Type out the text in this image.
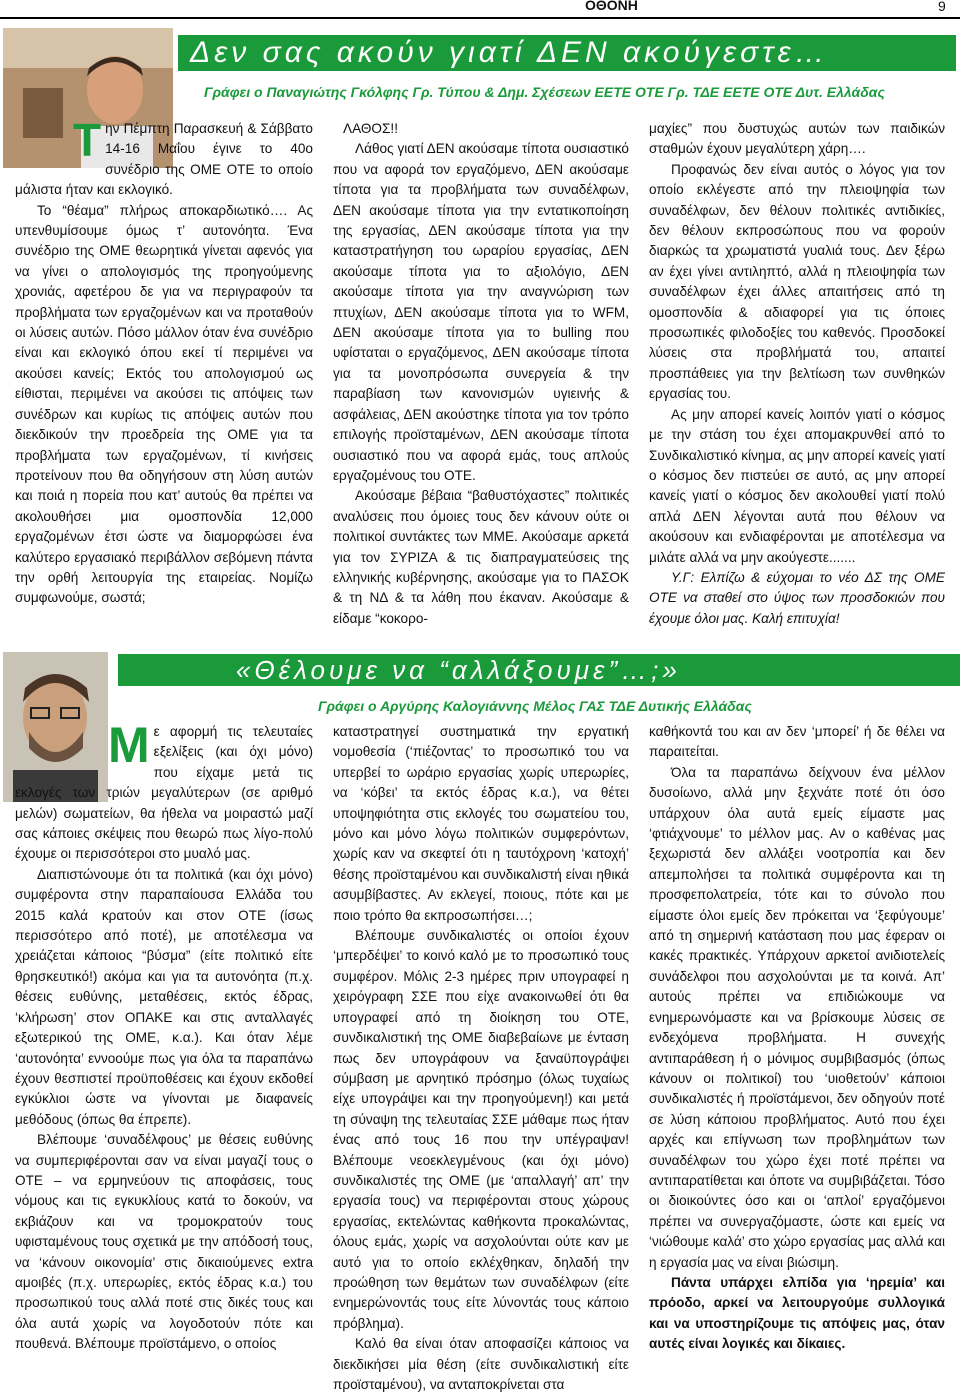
ΟΘΟΝΗ	9
Δεν σας ακούν γιατί ΔΕΝ ακούγεστε…
Γράφει ο Παναγιώτης Γκόλφης Γρ. Τύπου & Δημ. Σχέσεων ΕΕΤΕ ΟΤΕ Γρ. ΤΔΕ ΕΕΤΕ ΟΤΕ Δυτ. Ελλάδας

Την Πέμπτη Παρασκευή & Σάββατο 14-16 Μαΐου έγινε το 40ο συνέδριο της ΟΜΕ ΟΤΕ το οποίο μάλιστα ήταν και εκλογικό.

Το “θέαμα” πλήρως αποκαρδιωτικό…. Ας υπενθυμίσουμε όμως τ’ αυτονόητα. Ένα συνέδριο της ΟΜΕ θεωρητικά γίνεται αφενός για να γίνει ο απολογισμός της προηγούμενης χρονιάς, αφετέρου δε για να περιγραφούν τα προβλήματα των εργαζομένων και να προταθούν οι λύσεις αυτών. Πόσο μάλλον όταν ένα συνέδριο είναι και εκλογικό όπου εκεί τί περιμένει να ακούσει κανείς; Εκτός του απολογισμού ως είθισται, περιμένει να ακούσει τις απόψεις των συνέδρων και κυρίως τις απόψεις αυτών που διεκδικούν την προεδρεία της ΟΜΕ για τα προβλήματα των εργαζομένων, τί κινήσεις προτείνουν που θα οδηγήσουν στη λύση αυτών και ποιά η πορεία που κατ’ αυτούς θα πρέπει να ακολουθήσει μια ομοσπονδία 12,000 εργαζομένων έτσι ώστε να διαμορφώσει ένα καλύτερο εργασιακό περιβάλλον σεβόμενη πάντα την ορθή λειτουργία της εταιρείας. Νομίζω συμφωνούμε, σωστά;

ΛΑΘΟΣ!!

Λάθος γιατί ΔΕΝ ακούσαμε τίποτα ουσιαστικό που να αφορά τον εργαζόμενο, ΔΕΝ ακούσαμε τίποτα για τα προβλήματα των συναδέλφων, ΔΕΝ ακούσαμε τίποτα για την εντατικοποίηση της εργασίας, ΔΕΝ ακούσαμε τίποτα για την καταστρατήγηση του ωραρίου εργασίας, ΔΕΝ ακούσαμε τίποτα για το αξιολόγιο, ΔΕΝ ακούσαμε τίποτα για την αναγνώριση των πτυχίων, ΔΕΝ ακούσαμε τίποτα για το WFM, ΔΕΝ ακούσαμε τίποτα για το bulling που υφίσταται ο εργαζόμενος, ΔΕΝ ακούσαμε τίποτα για τα μονοπρόσωπα συνεργεία & την παραβίαση των κανονισμών υγιεινής & ασφάλειας, ΔΕΝ ακούστηκε τίποτα για τον τρόπο επιλογής προϊσταμένων, ΔΕΝ ακούσαμε τίποτα ουσιαστικό που να αφορά εμάς, τους απλούς εργαζομένους του ΟΤΕ.

Ακούσαμε βέβαια “βαθυστόχαστες” πολιτικές αναλύσεις που όμοιες τους δεν κάνουν ούτε οι πολιτικοί συντάκτες των ΜΜΕ. Ακούσαμε αρκετά για τον ΣΥΡΙΖΑ & τις διαπραγματεύσεις της ελληνικής κυβέρνησης, ακούσαμε για το ΠΑΣΟΚ & τη ΝΔ & τα λάθη που έκαναν. Ακούσαμε & είδαμε “κοκορο-

μαχίες” που δυστυχώς αυτών των παιδικών σταθμών έχουν μεγαλύτερη χάρη….

Προφανώς δεν είναι αυτός ο λόγος για τον οποίο εκλέγεστε από την πλειοψηφία των συναδέλφων, δεν θέλουν πολιτικές αντιδικίες, δεν θέλουν εκπροσώπους που να φορούν διαρκώς τα χρωματιστά γυαλιά τους. Δεν ξέρω αν έχει γίνει αντιληπτό, αλλά η πλειοψηφία των συναδέλφων έχει άλλες απαιτήσεις από τη ομοσπονδία & αδιαφορεί για τις όποιες προσωπικές φιλοδοξίες του καθενός. Προσδοκεί λύσεις στα προβλήματά του, απαιτεί προσπάθειες για την βελτίωση των συνθηκών εργασίας του.

Ας μην απορεί κανείς λοιπόν γιατί ο κόσμος με την στάση του έχει απομακρυνθεί από το Συνδικαλιστικό κίνημα, ας μην απορεί κανείς γιατί ο κόσμος δεν πιστεύει σε αυτό, ας μην απορεί κανείς γιατί ο κόσμος δεν ακολουθεί γιατί πολύ απλά ΔΕΝ λέγονται αυτά που θέλουν να ακούσουν και ενδιαφέρονται με αποτέλεσμα να μιλάτε αλλά να μην ακούγεστε.......

Υ.Γ: Ελπίζω & εύχομαι το νέο ΔΣ της ΟΜΕ ΟΤΕ να σταθεί στο ύψος των προσδοκιών που έχουμε όλοι μας. Καλή επιτυχία!

«Θέλουμε να “αλλάξουμε”…;»
Γράφει ο Αργύρης Καλογιάννης Μέλος ΓΑΣ ΤΔΕ Δυτικής Ελλάδας

Με αφορμή τις τελευταίες εξελίξεις (και όχι μόνο) που είχαμε μετά τις εκλογές των τριών μεγαλύτερων (σε αριθμό μελών) σωματείων, θα ήθελα να μοιραστώ μαζί σας κάποιες σκέψεις που θεωρώ πως λίγο-πολύ έχουμε οι περισσότεροι στο μυαλό μας.

Διαπιστώνουμε ότι τα πολιτικά (και όχι μόνο) συμφέροντα στην παραπαίουσα Ελλάδα του 2015 καλά κρατούν και στον ΟΤΕ (ίσως περισσότερο από ποτέ), με αποτέλεσμα να χρειάζεται κάποιος “βύσμα” (είτε πολιτικό είτε θρησκευτικό!) ακόμα και για τα αυτονόητα (π.χ. θέσεις ευθύνης, μεταθέσεις, εκτός έδρας, ‘κλήρωση’ στον ΟΠΑΚΕ και στις ανταλλαγές εξωτερικού της ΟΜΕ, κ.α.). Και όταν λέμε ‘αυτονόητα’ εννοούμε πως για όλα τα παραπάνω έχουν θεσπιστεί προϋποθέσεις και έχουν εκδοθεί εγκύκλιοι ώστε να γίνονται με διαφανείς μεθόδους (όπως θα έπρεπε).

Βλέπουμε ‘συναδέλφους’ με θέσεις ευθύνης να συμπεριφέρονται σαν να είναι μαγαζί τους ο ΟΤΕ – να ερμηνεύουν τις αποφάσεις, τους νόμους και τις εγκυκλίους κατά το δοκούν, να εκβιάζουν και να τρομοκρατούν τους υφισταμένους τους σχετικά με την απόδοσή τους, να ‘κάνουν οικονομία’ στις δικαιούμενες extra αμοιβές (π.χ. υπερωρίες, εκτός έδρας κ.α.) του προσωπικού τους αλλά ποτέ στις δικές τους και όλα αυτά χωρίς να λογοδοτούν πότε και πουθενά. Βλέπουμε προϊστάμενο, ο οποίος

καταστρατηγεί συστηματικά την εργατική νομοθεσία (‘πιέζοντας’ το προσωπικό του να υπερβεί το ωράριο εργασίας χωρίς υπερωρίες, να ‘κόβει’ τα εκτός έδρας κ.α.), να θέτει υποψηφιότητα στις εκλογές του σωματείου του, μόνο και μόνο λόγω πολιτικών συμφερόντων, χωρίς καν να σκεφτεί ότι η ταυτόχρονη ‘κατοχή’ θέσης προϊσταμένου και συνδικαλιστή είναι ηθικά ασυμβίβαστες. Αν εκλεγεί, ποιους, πότε και με ποιο τρόπο θα εκπροσωπήσει…;

Βλέπουμε συνδικαλιστές οι οποίοι έχουν ‘μπερδέψει’ το κοινό καλό με το προσωπικό τους συμφέρον. Μόλις 2-3 ημέρες πριν υπογραφεί η χειρόγραφη ΣΣΕ που είχε ανακοινωθεί ότι θα υπογραφεί από τη διοίκηση του ΟΤΕ, συνδικαλιστική της ΟΜΕ διαβεβαίωνε με ένταση πως δεν υπογράφουν να ξαναϋπογράψει σύμβαση με αρνητικό πρόσημο (όλως τυχαίως είχε υπογράψει και την προηγούμενη!) και μετά τη σύναψη της τελευταίας ΣΣΕ μάθαμε πως ήταν ένας από τους 16 που την υπέγραψαν! Βλέπουμε νεοεκλεγμένους (και όχι μόνο) συνδικαλιστές της ΟΜΕ (με ‘απαλλαγή’ απ’ την εργασία τους) να περιφέρονται στους χώρους εργασίας, εκτελώντας καθήκοντα προκαλώντας, όλους εμάς, χωρίς να ασχολούνται ούτε καν με αυτό για το οποίο εκλέχθηκαν, δηλαδή την προώθηση των θεμάτων των συναδέλφων (είτε ενημερώνοντάς τους είτε λύνοντάς τους κάποιο πρόβλημα).

Καλό θα είναι όταν αποφασίζει κάποιος να διεκδικήσει μία θέση (είτε συνδικαλιστική είτε προϊσταμένου), να ανταποκρίνεται στα

καθήκοντά του και αν δεν ‘μπορεί’ ή δε θέλει να παραιτείται.

Όλα τα παραπάνω δείχνουν ένα μέλλον δυσοίωνο, αλλά μην ξεχνάτε ποτέ ότι όσο υπάρχουν όλα αυτά εμείς είμαστε μας ‘φτιάχνουμε’ το μέλλον μας. Αν ο καθένας μας ξεχωριστά δεν αλλάξει νοοτροπία και δεν απεμπολήσει τα πολιτικά συμφέροντα και τη προσφεπολατρεία, τότε και το σύνολο που είμαστε όλοι εμείς δεν πρόκειται να ‘ξεφύγουμε’ από τη σημερινή κατάσταση που μας έφεραν οι κακές πρακτικές. Υπάρχουν αρκετοί ανιδιοτελείς συνάδελφοι που ασχολούνται με τα κοινά. Απ’ αυτούς πρέπει να επιδιώκουμε να ενημερωνόμαστε και να βρίσκουμε λύσεις σε ενδεχόμενα προβλήματα. Η συνεχής αντιπαράθεση ή ο μόνιμος συμβιβασμός (όπως κάνουν οι πολιτικοί) του ‘υιοθετούν’ κάποιοι συνδικαλιστές ή προϊστάμενοι, δεν οδηγούν ποτέ σε λύση κάποιου προβλήματος. Αυτό που έχει αρχές και επίγνωση των προβλημάτων των συναδέλφων του χώρο έχει ποτέ πρέπει να αντιπαρατίθεται και όποτε να συμβιβάζεται. Τόσο οι διοικούντες όσο και οι ‘απλοί’ εργαζόμενοι πρέπει να συνεργαζόμαστε, ώστε και εμείς να ‘νιώθουμε καλά’ στο χώρο εργασίας μας αλλά και η εργασία μας να είναι βιώσιμη.

Πάντα υπάρχει ελπίδα για ‘ηρεμία’ και πρόοδο, αρκεί να λειτουργούμε συλλογικά και να υποστηρίζουμε τις απόψεις μας, όταν αυτές είναι λογικές και δίκαιες.
